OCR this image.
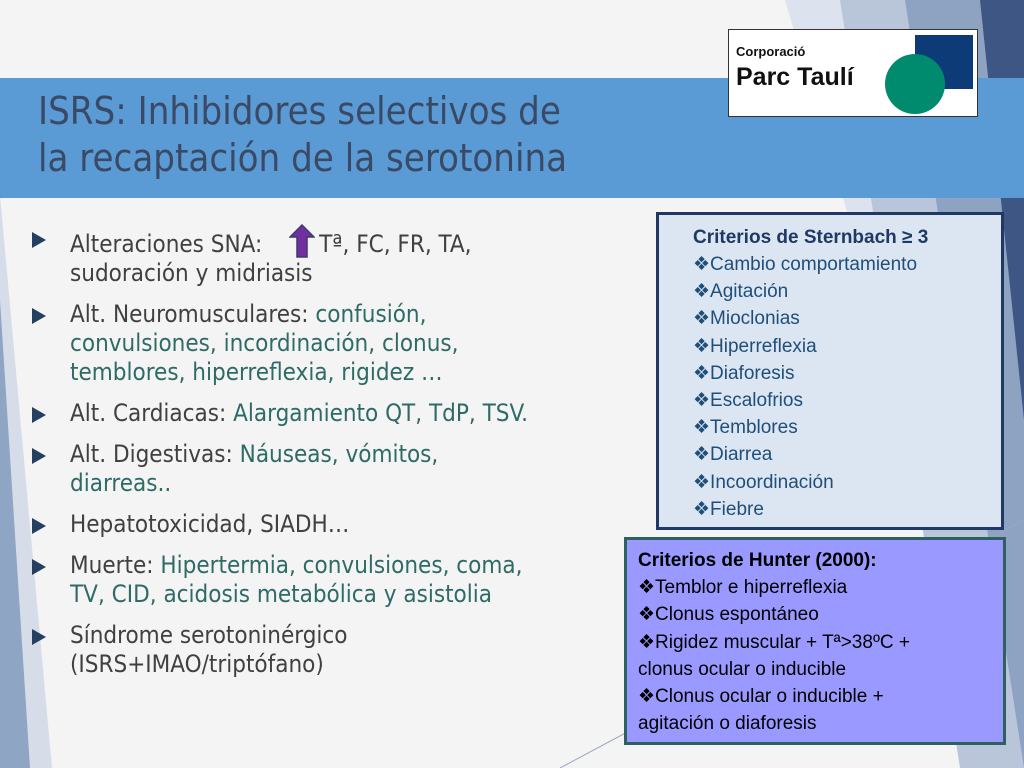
ISRS: Inhibidores selectivos de
la recaptación de la serotonina
Corporació
Parc Taulí
Alteraciones SNA: Tª, FC, FR, TA,
sudoración y midriasis
Alt. Neuromusculares: confusión,
convulsiones, incordinación, clonus,
temblores, hiperreflexia, rigidez …
Alt. Cardiacas: Alargamiento QT, TdP, TSV.
Alt. Digestivas: Náuseas, vómitos,
diarreas..
Hepatotoxicidad, SIADH…
Muerte: Hipertermia, convulsiones, coma,
TV, CID, acidosis metabólica y asistolia
Síndrome serotoninérgico
(ISRS+IMAO/triptófano)
Criterios de Sternbach ≥ 3
❖Cambio comportamiento
❖Agitación
❖Mioclonias
❖Hiperreflexia
❖Diaforesis
❖Escalofrios
❖Temblores
❖Diarrea
❖Incoordinación
❖Fiebre
Criterios de Hunter (2000):
❖Temblor e hiperreflexia
❖Clonus espontáneo
❖Rigidez muscular + Tª>38ºC +
clonus ocular o inducible
❖Clonus ocular o inducible +
agitación o diaforesis
